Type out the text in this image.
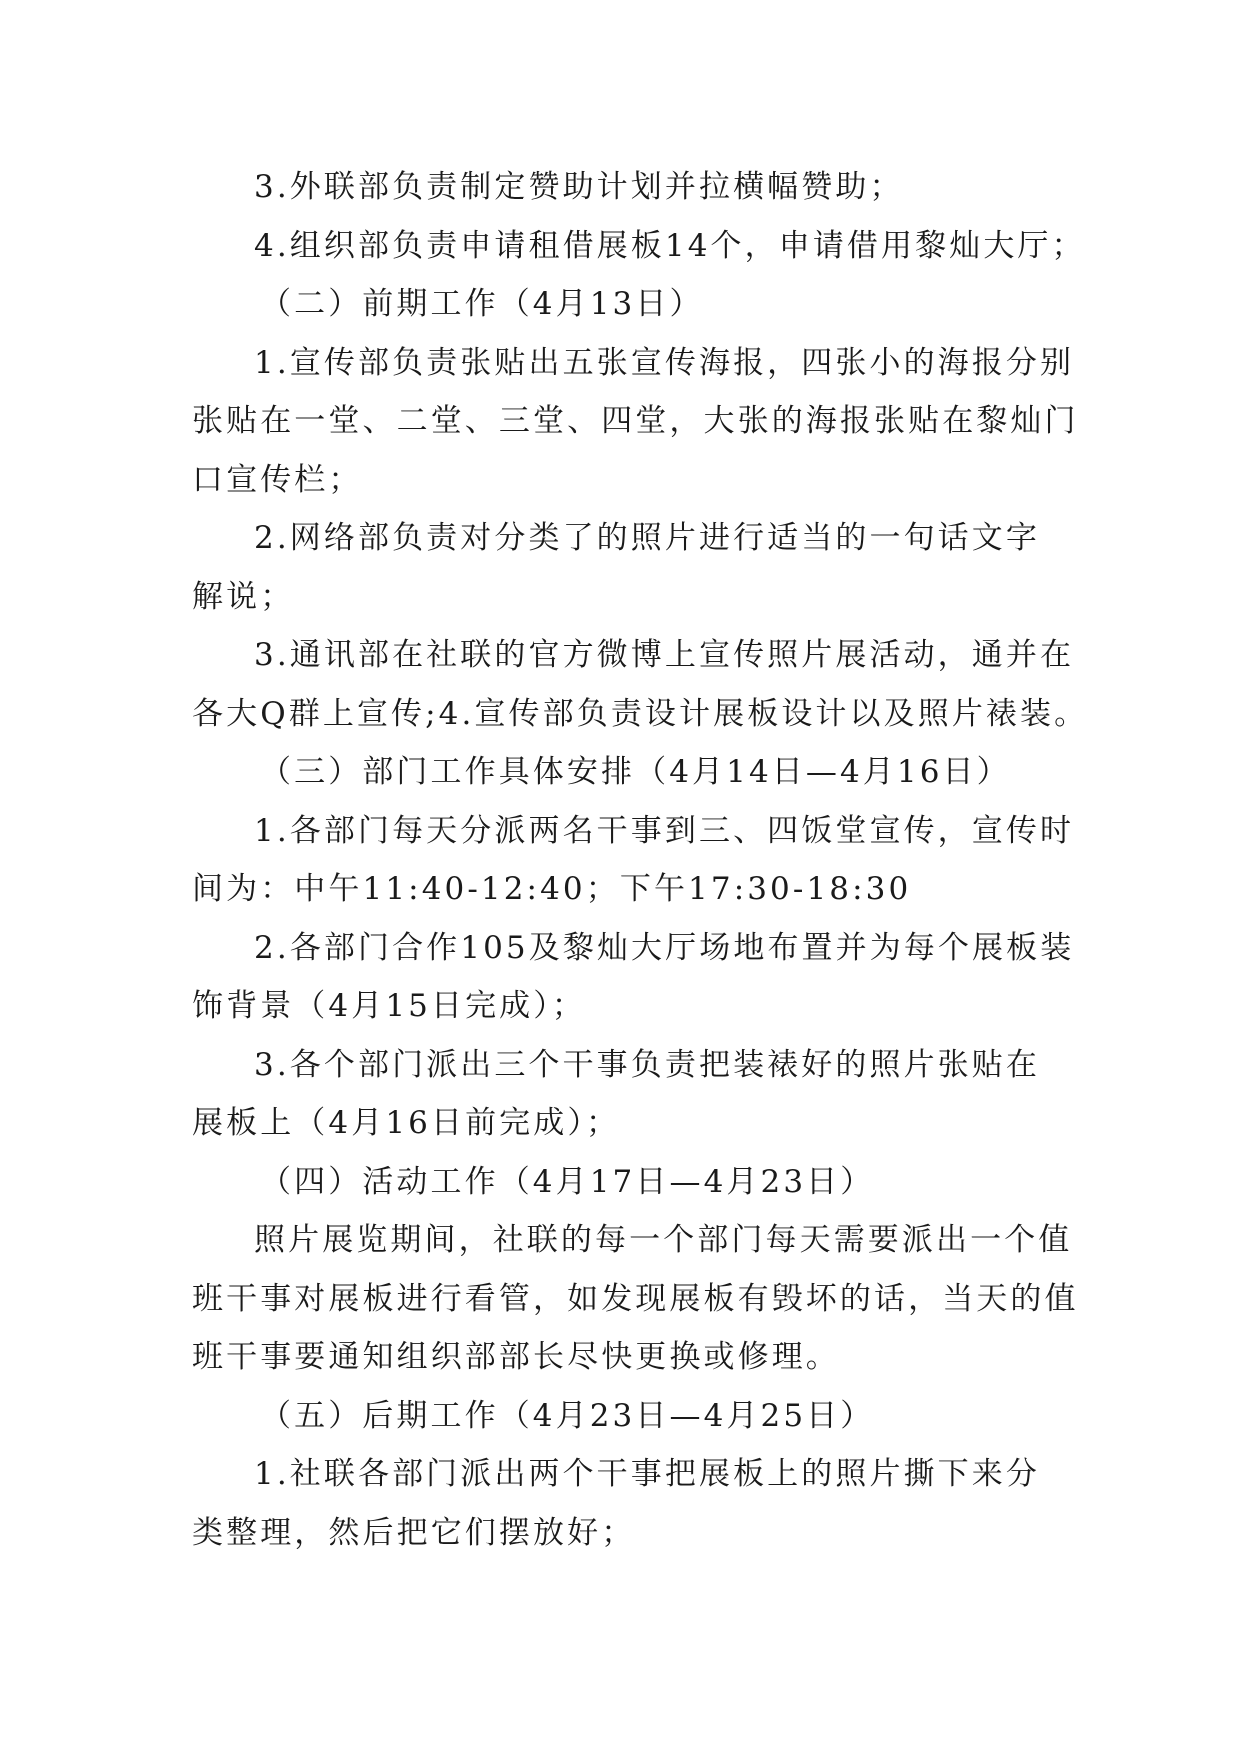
3.外联部负责制定赞助计划并拉横幅赞助；
4.组织部负责申请租借展板14个，申请借用黎灿大厅；
（二）前期工作（4月13日）
1.宣传部负责张贴出五张宣传海报，四张小的海报分别
张贴在一堂、二堂、三堂、四堂，大张的海报张贴在黎灿门
口宣传栏；
2.网络部负责对分类了的照片进行适当的一句话文字
解说；
3.通讯部在社联的官方微博上宣传照片展活动，通并在
各大Q群上宣传;4.宣传部负责设计展板设计以及照片裱装。
（三）部门工作具体安排（4月14日—4月16日）
1.各部门每天分派两名干事到三、四饭堂宣传，宣传时
间为：中午11:40-12:40；下午17:30-18:30
2.各部门合作105及黎灿大厅场地布置并为每个展板装
饰背景（4月15日完成）；
3.各个部门派出三个干事负责把装裱好的照片张贴在
展板上（4月16日前完成）；
（四）活动工作（4月17日—4月23日）
照片展览期间，社联的每一个部门每天需要派出一个值
班干事对展板进行看管，如发现展板有毁坏的话，当天的值
班干事要通知组织部部长尽快更换或修理。
（五）后期工作（4月23日—4月25日）
1.社联各部门派出两个干事把展板上的照片撕下来分
类整理，然后把它们摆放好；
